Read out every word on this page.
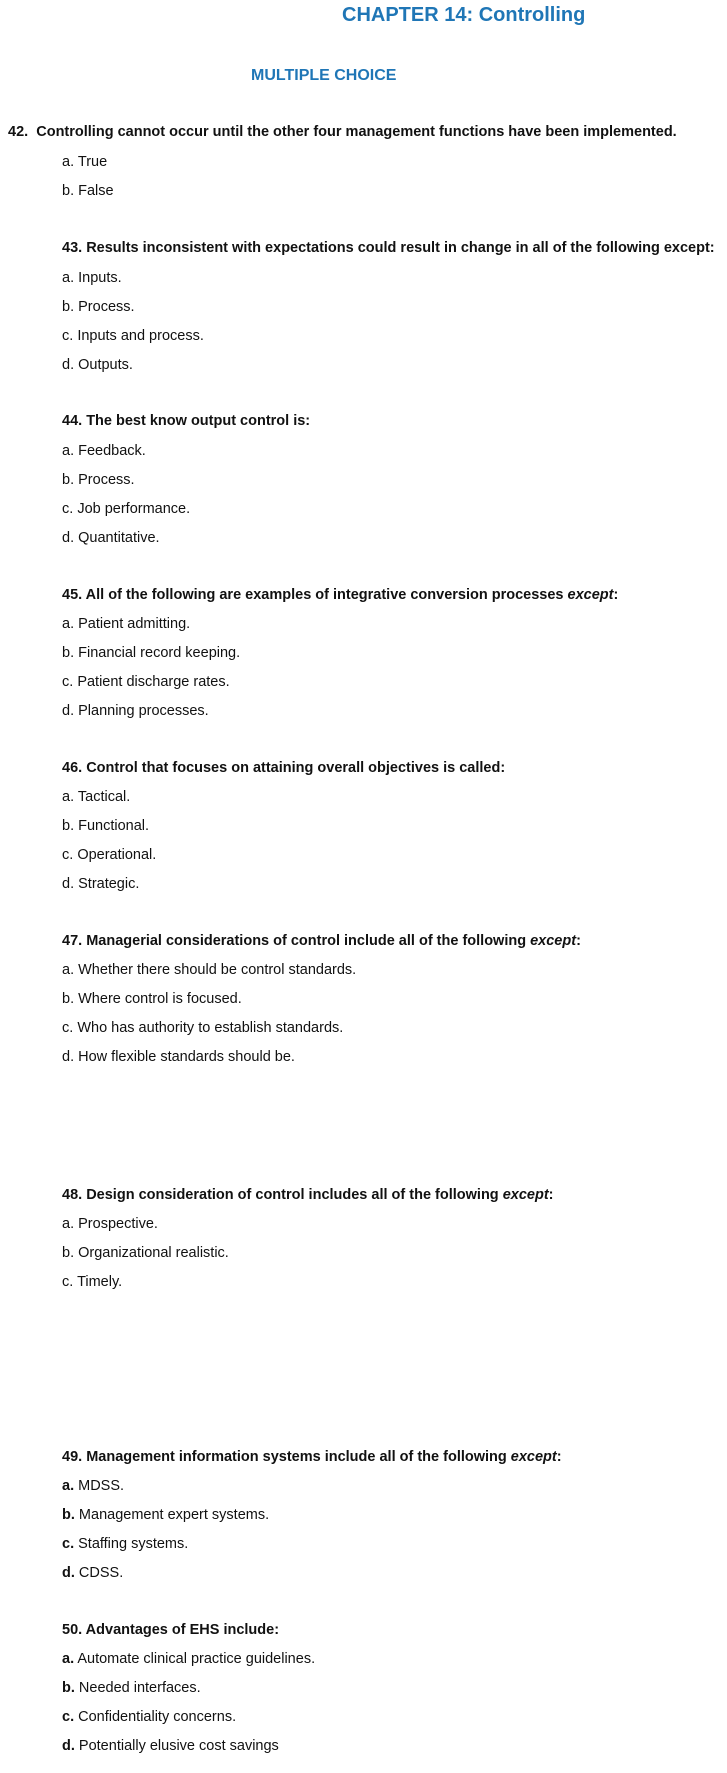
CHAPTER 14: Controlling
MULTIPLE CHOICE
42. Controlling cannot occur until the other four management functions have been implemented.
a. True
b. False
43. Results inconsistent with expectations could result in change in all of the following except:
a. Inputs.
b. Process.
c. Inputs and process.
d. Outputs.
44. The best know output control is:
a. Feedback.
b. Process.
c. Job performance.
d. Quantitative.
45. All of the following are examples of integrative conversion processes except:
a. Patient admitting.
b. Financial record keeping.
c. Patient discharge rates.
d. Planning processes.
46. Control that focuses on attaining overall objectives is called:
a. Tactical.
b. Functional.
c. Operational.
d. Strategic.
47. Managerial considerations of control include all of the following except:
a. Whether there should be control standards.
b. Where control is focused.
c. Who has authority to establish standards.
d. How flexible standards should be.
48. Design consideration of control includes all of the following except:
a. Prospective.
b. Organizational realistic.
c. Timely.
49. Management information systems include all of the following except:
a. MDSS.
b. Management expert systems.
c. Staffing systems.
d. CDSS.
50. Advantages of EHS include:
a. Automate clinical practice guidelines.
b. Needed interfaces.
c. Confidentiality concerns.
d. Potentially elusive cost savings
